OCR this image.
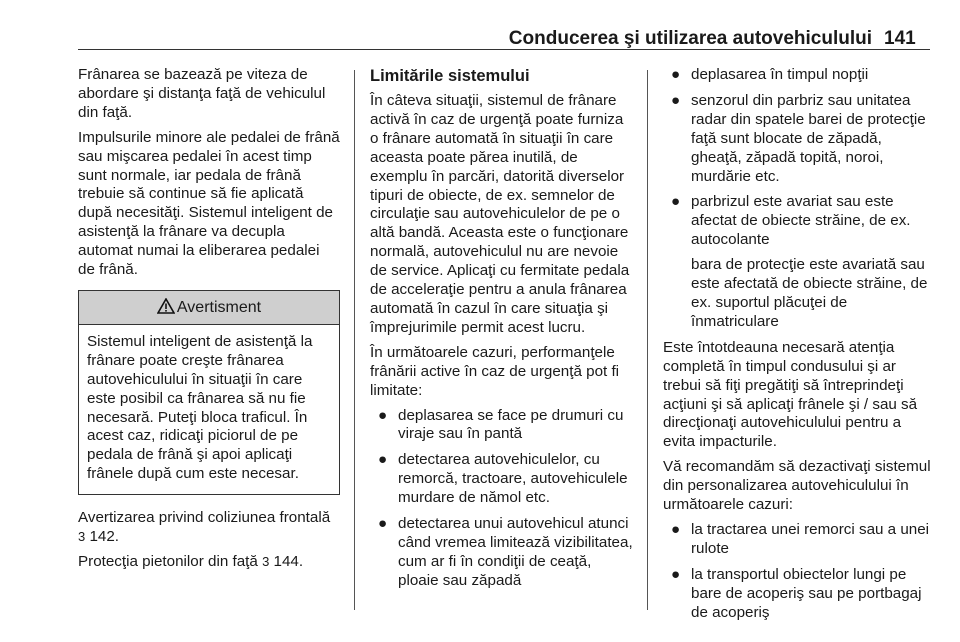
Conducerea şi utilizarea autovehiculului 141

Frânarea se bazează pe viteza de abordare şi distanţa faţă de vehiculul din faţă.

Impulsurile minore ale pedalei de frână sau mişcarea pedalei în acest timp sunt normale, iar pedala de frână trebuie să continue să fie aplicată după necesităţi. Sistemul inteligent de asistenţă la frânare va decupla automat numai la eliberarea pedalei de frână.

Avertisment
Sistemul inteligent de asistenţă la frânare poate creşte frânarea autovehiculului în situaţii în care este posibil ca frânarea să nu fie necesară. Puteţi bloca traficul. În acest caz, ridicaţi piciorul de pe pedala de frână şi apoi aplicaţi frânele după cum este necesar.

Avertizarea privind coliziunea frontală 3 142.

Protecţia pietonilor din faţă 3 144.

Limitările sistemului

În câteva situaţii, sistemul de frânare activă în caz de urgenţă poate furniza o frânare automată în situaţii în care aceasta poate părea inutilă, de exemplu în parcări, datorită diverselor tipuri de obiecte, de ex. semnelor de circulaţie sau autovehiculelor de pe o altă bandă. Aceasta este o funcţionare normală, autovehiculul nu are nevoie de service. Aplicaţi cu fermitate pedala de acceleraţie pentru a anula frânarea automată în cazul în care situaţia şi împrejurimile permit acest lucru.

În următoarele cazuri, performanţele frânării active în caz de urgenţă pot fi limitate:

● deplasarea se face pe drumuri cu viraje sau în pantă
● detectarea autovehiculelor, cu remorcă, tractoare, autovehiculele murdare de nămol etc.
● detectarea unui autovehicul atunci când vremea limitează vizibilitatea, cum ar fi în condiţii de ceaţă, ploaie sau zăpadă
● deplasarea în timpul nopţii
● senzorul din parbriz sau unitatea radar din spatele barei de protecţie faţă sunt blocate de zăpadă, gheaţă, zăpadă topită, noroi, murdărie etc.
● parbrizul este avariat sau este afectat de obiecte străine, de ex. autocolante
bara de protecţie este avariată sau este afectată de obiecte străine, de ex. suportul plăcuţei de înmatriculare

Este întotdeauna necesară atenţia completă în timpul condusului şi ar trebui să fiţi pregătiţi să întreprindeţi acţiuni şi să aplicaţi frânele şi / sau să direcţionaţi autovehiculului pentru a evita impacturile.

Vă recomandăm să dezactivaţi sistemul din personalizarea autovehiculului în următoarele cazuri:

● la tractarea unei remorci sau a unei rulote
● la transportul obiectelor lungi pe bare de acoperiş sau pe portbagaj de acoperiş
